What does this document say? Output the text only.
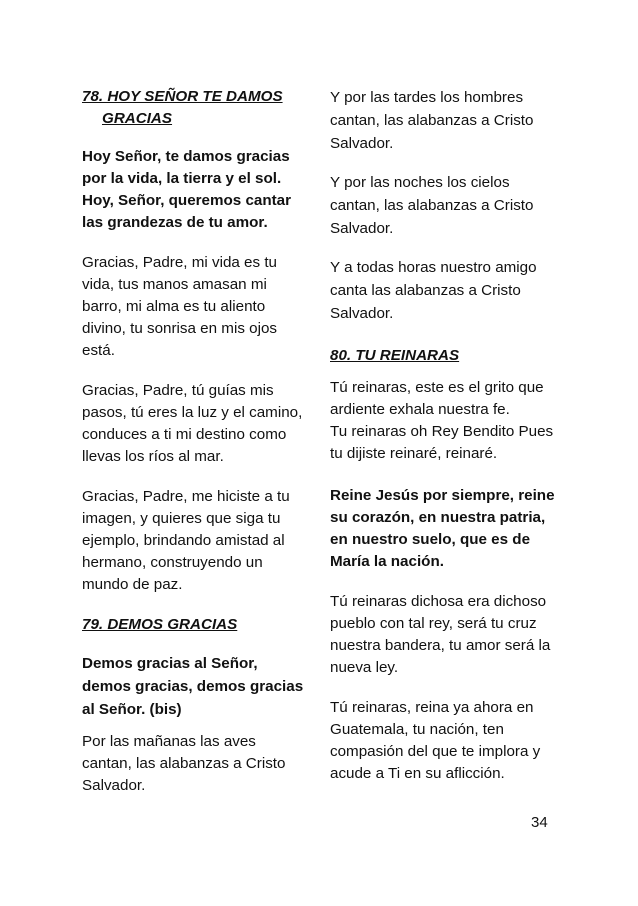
78. HOY SEÑOR TE DAMOS
GRACIAS

Hoy Señor, te damos gracias por la vida, la tierra y el sol. Hoy, Señor, queremos cantar las grandezas de tu amor.

Gracias, Padre, mi vida es tu vida, tus manos amasan mi barro, mi alma es tu aliento divino, tu sonrisa en mis ojos está.

Gracias, Padre, tú guías mis pasos, tú eres la luz y el camino, conduces a ti mi destino como llevas los ríos al mar.

Gracias, Padre, me hiciste a tu imagen, y quieres que siga tu ejemplo, brindando amistad al hermano, construyendo un mundo de paz.

79. DEMOS GRACIAS

Demos gracias al Señor, demos gracias, demos gracias al Señor. (bis)

Por las mañanas las aves cantan, las alabanzas a Cristo Salvador.

Y por las tardes los hombres cantan, las alabanzas a Cristo Salvador.

Y por las noches los cielos cantan, las alabanzas a Cristo Salvador.

Y a todas horas nuestro amigo canta las alabanzas a Cristo Salvador.

80. TU REINARAS

Tú reinaras, este es el grito que ardiente exhala nuestra fe.
Tu reinaras oh Rey Bendito Pues tu dijiste reinaré, reinaré.

Reine Jesús por siempre, reine su corazón, en nuestra patria, en nuestro suelo, que es de María la nación.

Tú reinaras dichosa era dichoso pueblo con tal rey, será tu cruz nuestra bandera, tu amor será la nueva ley.

Tú reinaras, reina ya ahora en Guatemala, tu nación, ten compasión del que te implora y acude a Ti en su aflicción.

34
